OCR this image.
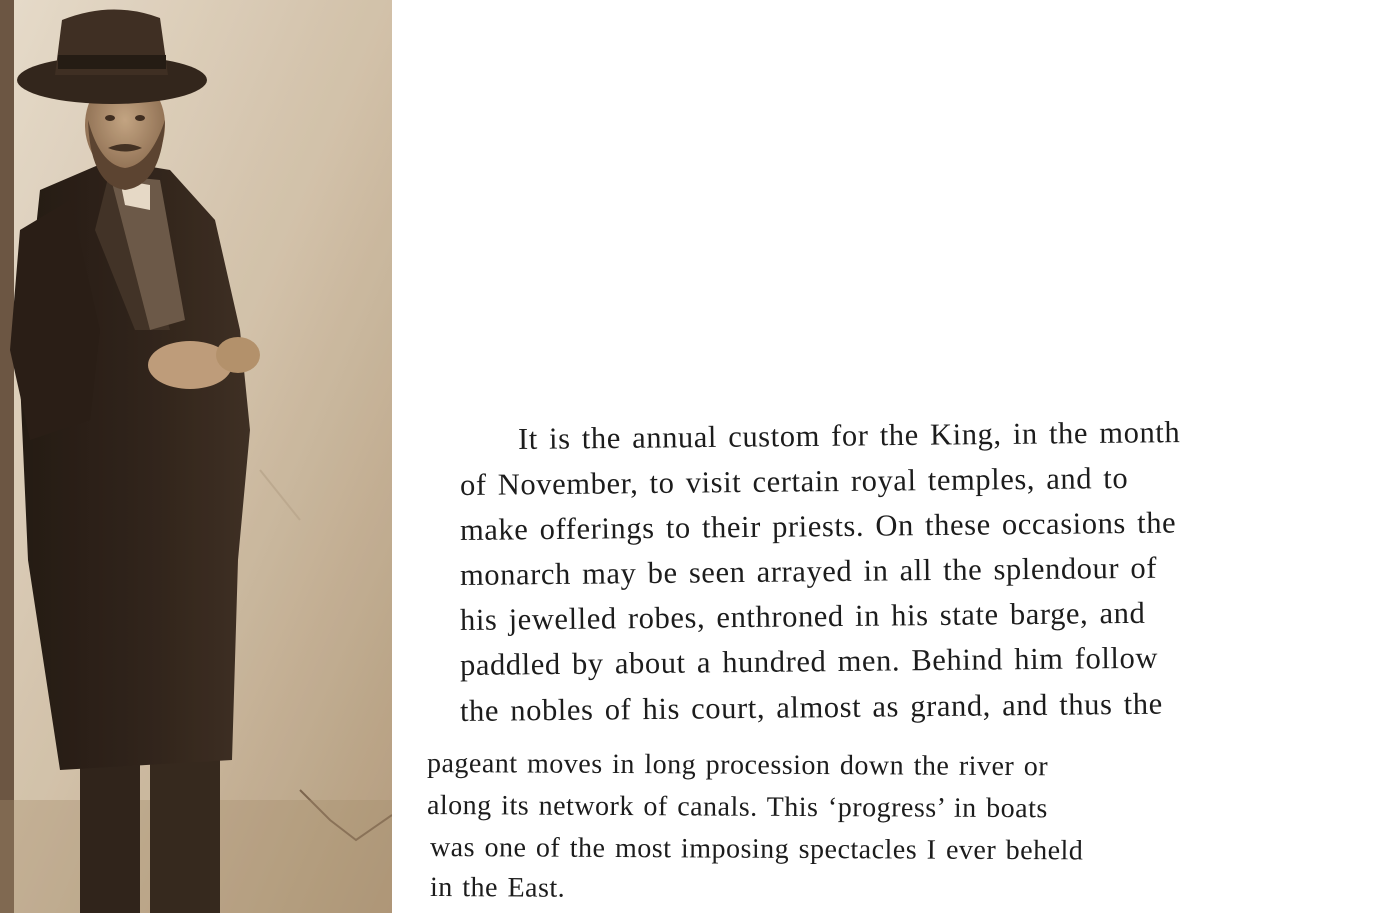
It is the annual custom for the King, in the month

of November, to visit certain royal temples, and to

make offerings to their priests. On these occasions the

monarch may be seen arrayed in all the splendour of

his jewelled robes, enthroned in his state barge, and

paddled by about a hundred men. Behind him follow

the nobles of his court, almost as grand, and thus the

pageant moves in long procession down the river or

along its network of canals. This ‘progress’ in boats

was one of the most imposing spectacles I ever beheld

in the East.
